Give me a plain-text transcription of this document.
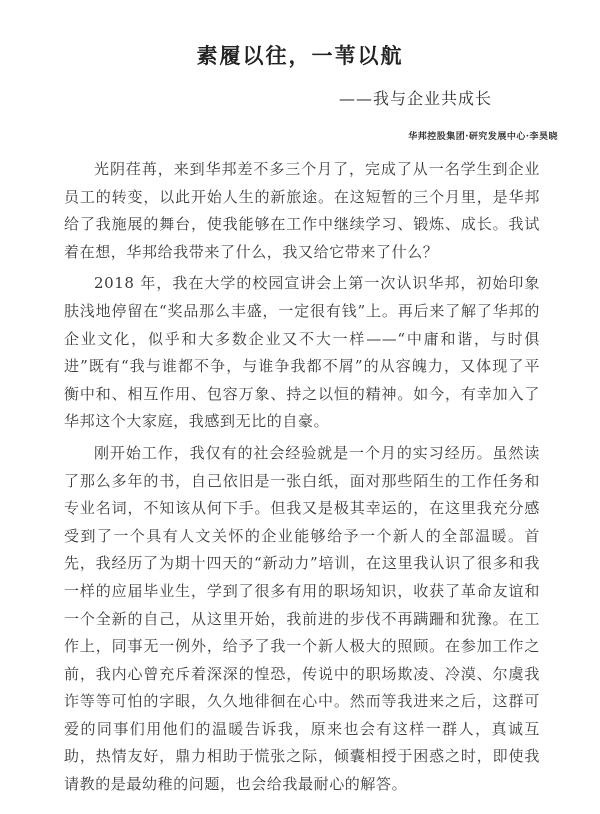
素履以往，一苇以航
——我与企业共成长
华邦控股集团·研究发展中心·李昊晓

光阴荏苒，来到华邦差不多三个月了，完成了从一名学生到企业员工的转变，以此开始人生的新旅途。在这短暂的三个月里，是华邦给了我施展的舞台，使我能够在工作中继续学习、锻炼、成长。我试着在想，华邦给我带来了什么，我又给它带来了什么？

2018 年，我在大学的校园宣讲会上第一次认识华邦，初始印象肤浅地停留在“奖品那么丰盛，一定很有钱”上。再后来了解了华邦的企业文化，似乎和大多数企业又不大一样——“中庸和谐，与时俱进”既有“我与谁都不争，与谁争我都不屑”的从容魄力，又体现了平衡中和、相互作用、包容万象、持之以恒的精神。如今，有幸加入了华邦这个大家庭，我感到无比的自豪。

刚开始工作，我仅有的社会经验就是一个月的实习经历。虽然读了那么多年的书，自己依旧是一张白纸，面对那些陌生的工作任务和专业名词，不知该从何下手。但我又是极其幸运的，在这里我充分感受到了一个具有人文关怀的企业能够给予一个新人的全部温暖。首先，我经历了为期十四天的“新动力”培训，在这里我认识了很多和我一样的应届毕业生，学到了很多有用的职场知识，收获了革命友谊和一个全新的自己，从这里开始，我前进的步伐不再蹒跚和犹豫。在工作上，同事无一例外，给予了我一个新人极大的照顾。在参加工作之前，我内心曾充斥着深深的惶恐，传说中的职场欺凌、冷漠、尔虞我诈等等可怕的字眼，久久地徘徊在心中。然而等我进来之后，这群可爱的同事们用他们的温暖告诉我，原来也会有这样一群人，真诚互助，热情友好，鼎力相助于慌张之际，倾囊相授于困惑之时，即使我请教的是最幼稚的问题，也会给我最耐心的解答。
